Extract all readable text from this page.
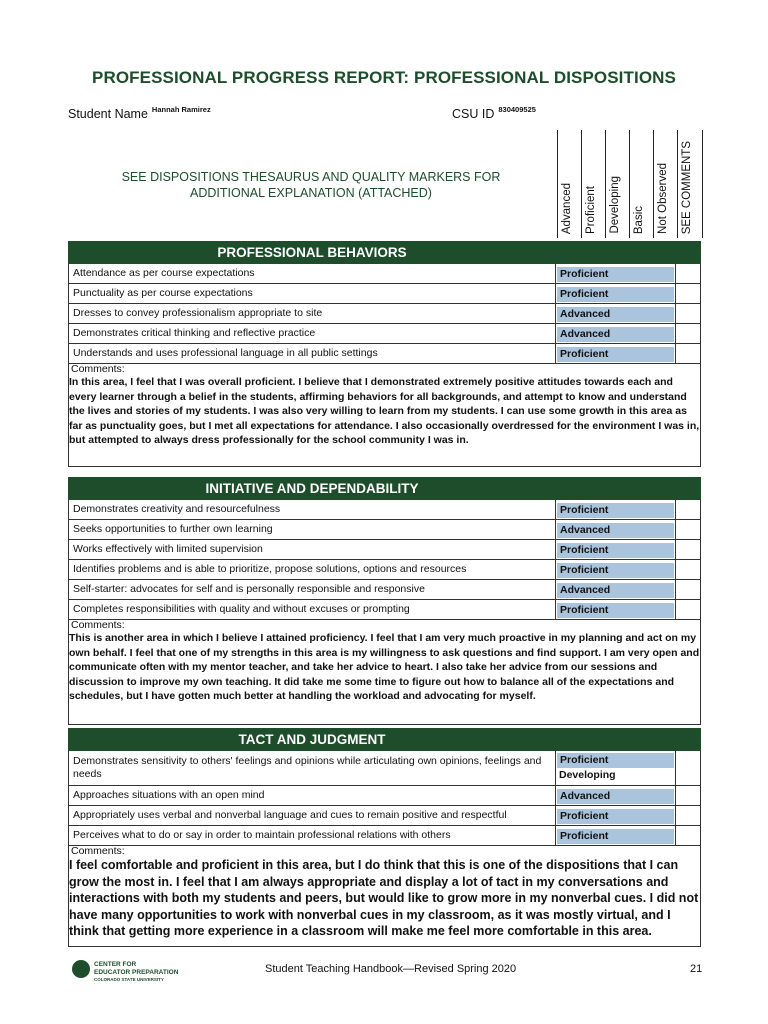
PROFESSIONAL PROGRESS REPORT: PROFESSIONAL DISPOSITIONS
Student Name $^{Hannah Ramirez}$	CSU ID $^{830409525}$
SEE DISPOSITIONS THESAURUS AND QUALITY MARKERS FOR ADDITIONAL EXPLANATION (ATTACHED)	Advanced Proficient Developing Basic Not Observed SEE COMMENTS
PROFESSIONAL BEHAVIORS		
Attendance as per course expectations	Proficient	

Punctuality as per course expectations	Proficient	

Dresses to convey professionalism appropriate to site	Advanced	

Demonstrates critical thinking and reflective practice	Advanced	

Understands and uses professional language in all public settings	Proficient	

Comments:
In this area, I feel that I was overall proficient. I believe that I demonstrated extremely positive attitudes towards each and every learner through a belief in the students, affirming behaviors for all backgrounds, and attempt to know and understand the lives and stories of my students. I was also very willing to learn from my students. I can use some growth in this area as far as punctuality goes, but I met all expectations for attendance. I also occasionally overdressed for the environment I was in, but attempted to always dress professionally for the school community I was in.		
INITIATIVE AND DEPENDABILITY		
Demonstrates creativity and resourcefulness	Proficient	

Seeks opportunities to further own learning	Advanced	

Works effectively with limited supervision	Proficient	

Identifies problems and is able to prioritize, propose solutions, options and resources	Proficient	

Self-starter: advocates for self and is personally responsible and responsive	Advanced	

Completes responsibilities with quality and without excuses or prompting	Proficient	

Comments:
This is another area in which I believe I attained proficiency. I feel that I am very much proactive in my planning and act on my own behalf. I feel that one of my strengths in this area is my willingness to ask questions and find support. I am very open and communicate often with my mentor teacher, and take her advice to heart. I also take her advice from our sessions and discussion to improve my own teaching. It did take me some time to figure out how to balance all of the expectations and schedules, but I have gotten much better at handling the workload and advocating for myself.		
TACT AND JUDGMENT		
Demonstrates sensitivity to others' feelings and opinions while articulating own opinions, feelings and needs	Proficient
Developing	

Approaches situations with an open mind	Advanced	

Appropriately uses verbal and nonverbal language and cues to remain positive and respectful	Proficient	

Perceives what to do or say in order to maintain professional relations with others	Proficient	

Comments:
I feel comfortable and proficient in this area, but I do think that this is one of the dispositions that I can grow the most in. I feel that I am always appropriate and display a lot of tact in my conversations and interactions with both my students and peers, but would like to grow more in my nonverbal cues. I did not have many opportunities to work with nonverbal cues in my classroom, as it was mostly virtual, and I think that getting more experience in a classroom will make me feel more comfortable in this area.		
CENTER FOR
EDUCATOR PREPARATION
COLORADO STATE UNIVERSITY
Student Teaching Handbook—Revised Spring 2020	21
